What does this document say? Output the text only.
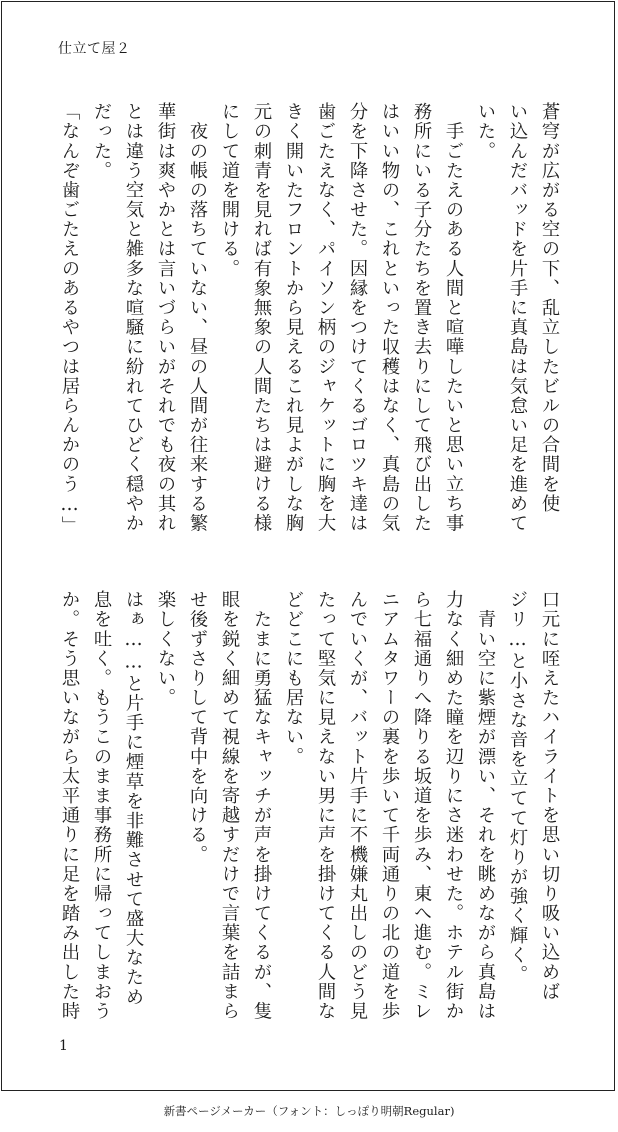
仕立て屋２
蒼穹が広がる空の下、乱立したビルの合間を使
い込んだバッドを片手に真島は気怠い足を進めて
いた。
　手ごたえのある人間と喧嘩したいと思い立ち事
務所にいる子分たちを置き去りにして飛び出した
はいい物の、これといった収穫はなく、真島の気
分を下降させた。因縁をつけてくるゴロツキ達は
歯ごたえなく、パイソン柄のジャケットに胸を大
きく開いたフロントから見えるこれ見よがしな胸
元の刺青を見れば有象無象の人間たちは避ける様
にして道を開ける。
　夜の帳の落ちていない、昼の人間が往来する繁
華街は爽やかとは言いづらいがそれでも夜の其れ
とは違う空気と雑多な喧騒に紛れてひどく穏やか
だった。
「なんぞ歯ごたえのあるやつは居らんかのう…」
口元に咥えたハイライトを思い切り吸い込めば
ジリ…と小さな音を立てて灯りが強く輝く。
　青い空に紫煙が漂い、それを眺めながら真島は
力なく細めた瞳を辺りにさ迷わせた。ホテル街か
ら七福通りへ降りる坂道を歩み、東へ進む。ミレ
ニアムタワーの裏を歩いて千両通りの北の道を歩
んでいくが、バット片手に不機嫌丸出しのどう見
たって堅気に見えない男に声を掛けてくる人間な
どどこにも居ない。
　たまに勇猛なキャッチが声を掛けてくるが、隻
眼を鋭く細めて視線を寄越すだけで言葉を詰まら
せ後ずさりして背中を向ける。
楽しくない。
はぁ……と片手に煙草を非難させて盛大なため
息を吐く。もうこのまま事務所に帰ってしまおう
か。そう思いながら太平通りに足を踏み出した時
1
新書ページメーカー（フォント：しっぽり明朝Regular)
